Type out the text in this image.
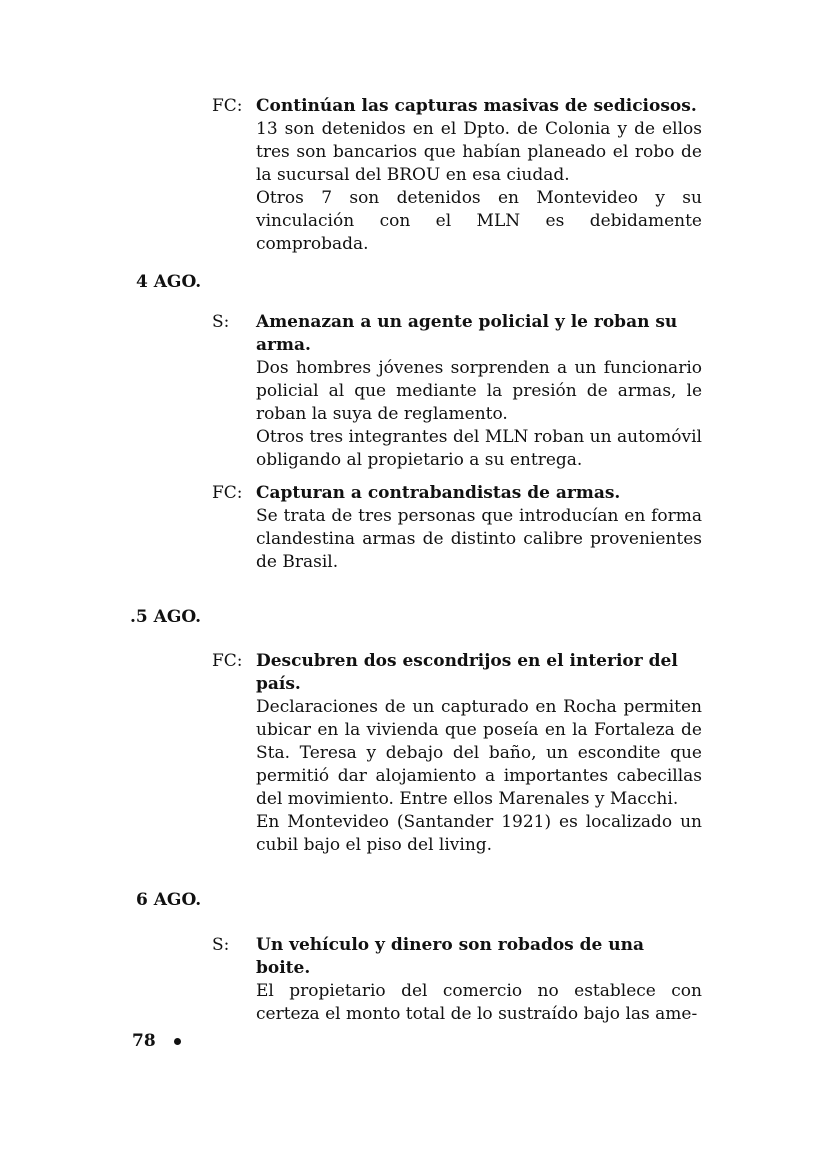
FC: Continúan las capturas masivas de sediciosos.

13 son detenidos en el Dpto. de Colonia y de ellos tres son bancarios que habían planeado el robo de la sucursal del BROU en esa ciudad.

Otros 7 son detenidos en Montevideo y su vinculación con el MLN es debidamente comprobada.

4 AGO.
S:	Amenazan a un agente policial y le roban su arma.

Dos hombres jóvenes sorprenden a un funcionario policial al que mediante la presión de armas, le roban la suya de reglamento.

Otros tres integrantes del MLN roban un automóvil obligando al propietario a su entrega.

FC: Capturan a contrabandistas de armas.

Se trata de tres personas que introducían en forma clandestina armas de distinto calibre provenientes de Brasil.

.5 AGO.
FC: Descubren dos escondrijos en el interior del país.

Declaraciones de un capturado en Rocha permiten ubicar en la vivienda que poseía en la Fortaleza de Sta. Teresa y debajo del baño, un escondite que permitió dar alojamiento a importantes cabecillas del movimiento. Entre ellos Marenales y Macchi.

En Montevideo (Santander 1921) es localizado un cubil bajo el piso del living.

6 AGO.
S:	Un vehículo y dinero son robados de una boite.

El propietario del comercio no establece con certeza el monto total de lo sustraído bajo las ame-

78
